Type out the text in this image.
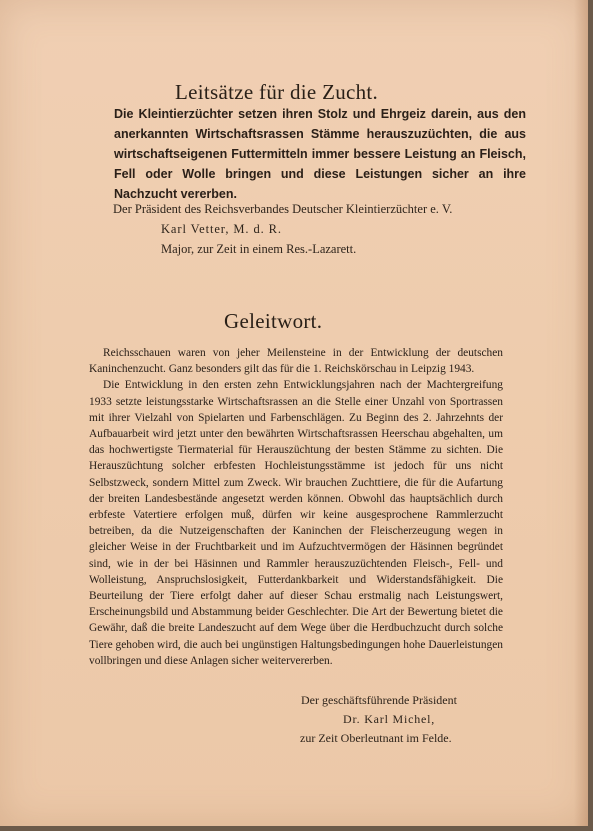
Leitsätze für die Zucht.

Die Kleintierzüchter setzen ihren Stolz und Ehrgeiz darein, aus den anerkannten Wirtschaftsrassen Stämme herauszuzüchten, die aus wirtschaftseigenen Futtermitteln immer bessere Leistung an Fleisch, Fell oder Wolle bringen und diese Leistungen sicher an ihre Nachzucht vererben.

Der Präsident des Reichsverbandes Deutscher Kleintierzüchter e. V.

Karl Vetter, M. d. R.

Major, zur Zeit in einem Res.-Lazarett.

Geleitwort.

Reichsschauen waren von jeher Meilensteine in der Entwicklung der deutschen Kaninchenzucht. Ganz besonders gilt das für die 1. Reichskörschau in Leipzig 1943.

Die Entwicklung in den ersten zehn Entwicklungsjahren nach der Machtergreifung 1933 setzte leistungsstarke Wirtschaftsrassen an die Stelle einer Unzahl von Sportrassen mit ihrer Vielzahl von Spielarten und Farbenschlägen. Zu Beginn des 2. Jahrzehnts der Aufbauarbeit wird jetzt unter den bewährten Wirtschaftsrassen Heerschau abgehalten, um das hochwertigste Tiermaterial für Herauszüchtung der besten Stämme zu sichten. Die Herauszüchtung solcher erbfesten Hochleistungsstämme ist jedoch für uns nicht Selbstzweck, sondern Mittel zum Zweck. Wir brauchen Zuchttiere, die für die Aufartung der breiten Landesbestände angesetzt werden können. Obwohl das hauptsächlich durch erbfeste Vatertiere erfolgen muß, dürfen wir keine ausgesprochene Rammlerzucht betreiben, da die Nutzeigenschaften der Kaninchen der Fleischerzeugung wegen in gleicher Weise in der Fruchtbarkeit und im Aufzuchtvermögen der Häsinnen begründet sind, wie in der bei Häsinnen und Rammler herauszuzüchtenden Fleisch-, Fell- und Wolleistung, Anspruchslosigkeit, Futterdankbarkeit und Widerstandsfähigkeit. Die Beurteilung der Tiere erfolgt daher auf dieser Schau erstmalig nach Leistungswert, Erscheinungsbild und Abstammung beider Geschlechter. Die Art der Bewertung bietet die Gewähr, daß die breite Landeszucht auf dem Wege über die Herdbuchzucht durch solche Tiere gehoben wird, die auch bei ungünstigen Haltungsbedingungen hohe Dauerleistungen vollbringen und diese Anlagen sicher weitervererben.

Der geschäftsführende Präsident

Dr. Karl Michel,

zur Zeit Oberleutnant im Felde.
